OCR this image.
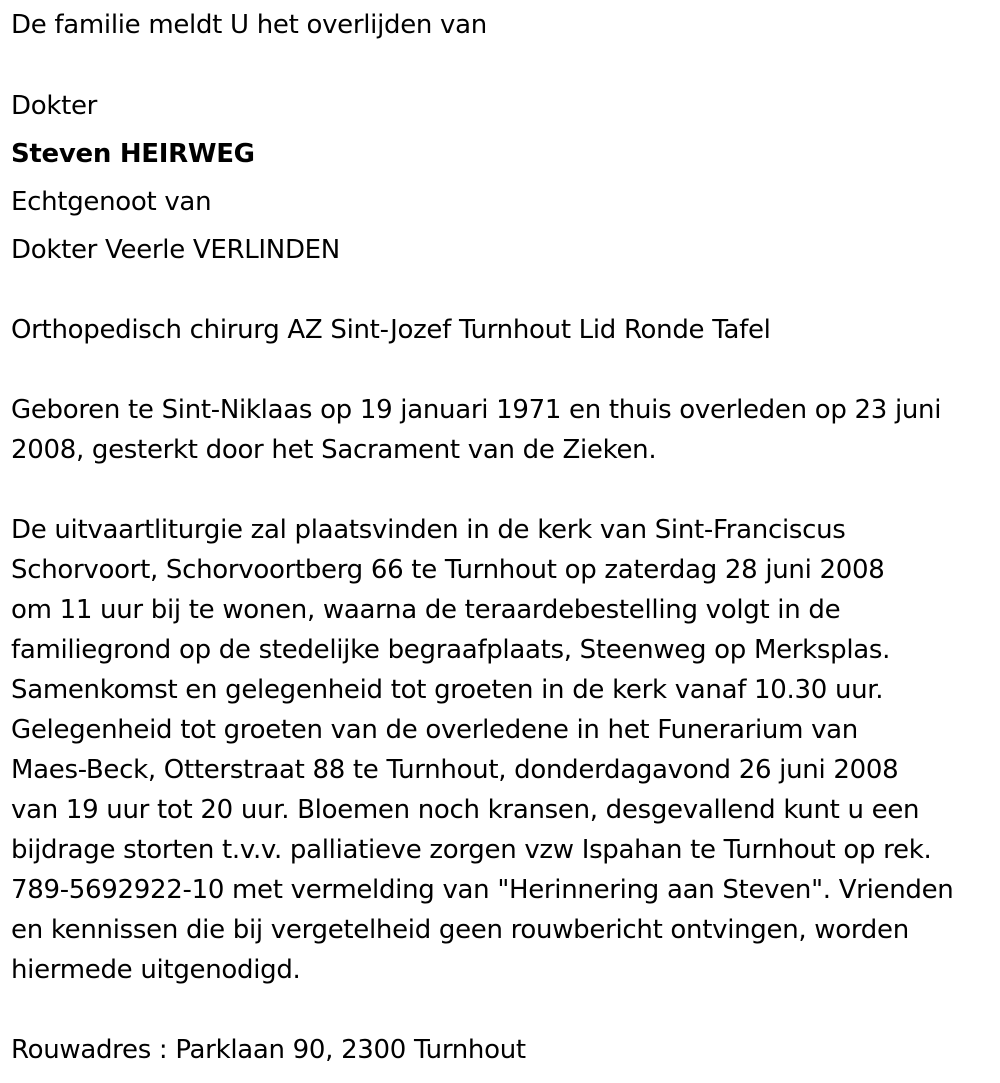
De familie meldt U het overlijden van
Dokter
Steven HEIRWEG
Echtgenoot van
Dokter Veerle VERLINDEN
Orthopedisch chirurg AZ Sint-Jozef Turnhout Lid Ronde Tafel
Geboren te Sint-Niklaas op 19 januari 1971 en thuis overleden op 23 juni
2008, gesterkt door het Sacrament van de Zieken.
De uitvaartliturgie zal plaatsvinden in de kerk van Sint-Franciscus
Schorvoort, Schorvoortberg 66 te Turnhout op zaterdag 28 juni 2008
om 11 uur bij te wonen, waarna de teraardebestelling volgt in de
familiegrond op de stedelijke begraafplaats, Steenweg op Merksplas.
Samenkomst en gelegenheid tot groeten in de kerk vanaf 10.30 uur.
Gelegenheid tot groeten van de overledene in het Funerarium van
Maes-Beck, Otterstraat 88 te Turnhout, donderdagavond 26 juni 2008
van 19 uur tot 20 uur. Bloemen noch kransen, desgevallend kunt u een
bijdrage storten t.v.v. palliatieve zorgen vzw Ispahan te Turnhout op rek.
789-5692922-10 met vermelding van "Herinnering aan Steven". Vrienden
en kennissen die bij vergetelheid geen rouwbericht ontvingen, worden
hiermede uitgenodigd.
Rouwadres : Parklaan 90, 2300 Turnhout
